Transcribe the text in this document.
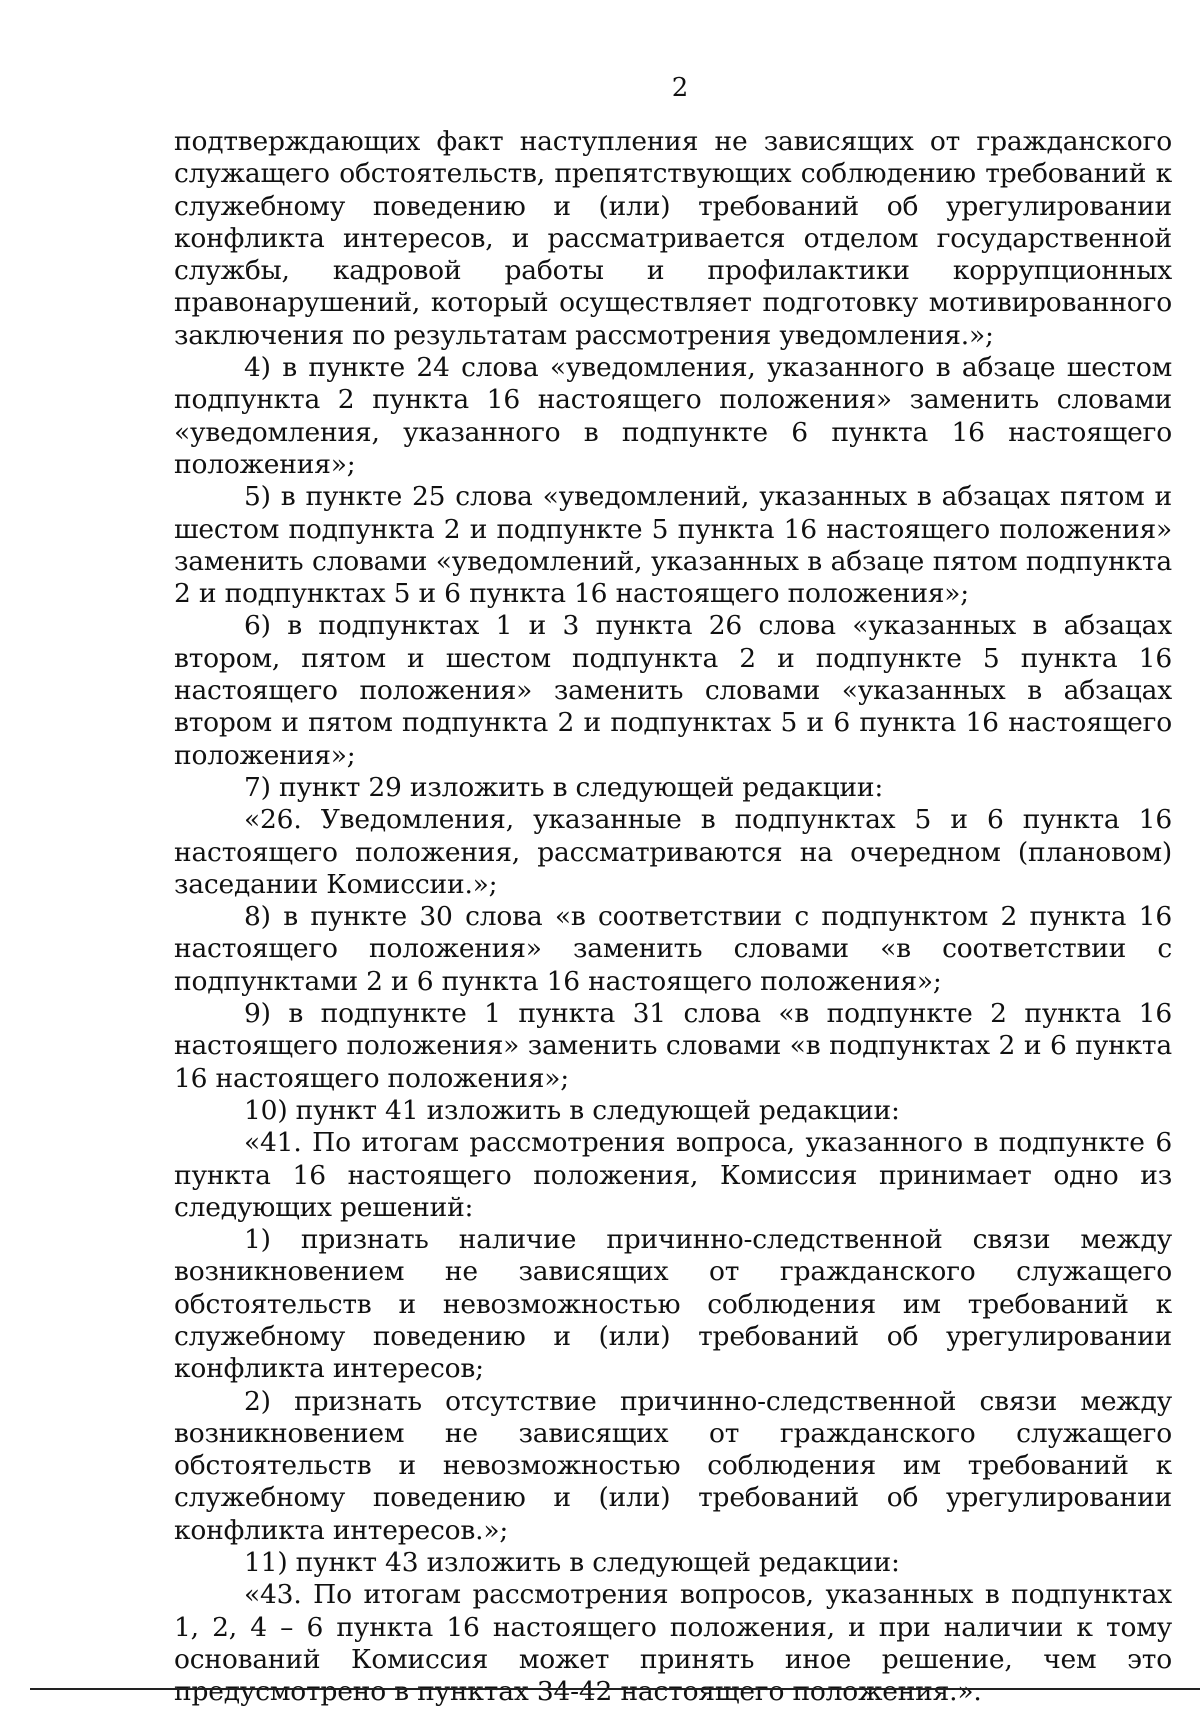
2

подтверждающих факт наступления не зависящих от гражданского служащего обстоятельств, препятствующих соблюдению требований к служебному поведению и (или) требований об урегулировании конфликта интересов, и рассматривается отделом государственной службы, кадровой работы и профилактики коррупционных правонарушений, который осуществляет подготовку мотивированного заключения по результатам рассмотрения уведомления.»;

4) в пункте 24 слова «уведомления, указанного в абзаце шестом подпункта 2 пункта 16 настоящего положения» заменить словами «уведомления, указанного в подпункте 6 пункта 16 настоящего положения»;

5) в пункте 25 слова «уведомлений, указанных в абзацах пятом и шестом подпункта 2 и подпункте 5 пункта 16 настоящего положения» заменить словами «уведомлений, указанных в абзаце пятом подпункта 2 и подпунктах 5 и 6 пункта 16 настоящего положения»;

6) в подпунктах 1 и 3 пункта 26 слова «указанных в абзацах втором, пятом и шестом подпункта 2 и подпункте 5 пункта 16 настоящего положения» заменить словами «указанных в абзацах втором и пятом подпункта 2 и подпунктах 5 и 6 пункта 16 настоящего положения»;

7) пункт 29 изложить в следующей редакции:

«26. Уведомления, указанные в подпунктах 5 и 6 пункта 16 настоящего положения, рассматриваются на очередном (плановом) заседании Комиссии.»;

8) в пункте 30 слова «в соответствии с подпунктом 2 пункта 16 настоящего положения» заменить словами «в соответствии с подпунктами 2 и 6 пункта 16 настоящего положения»;

9) в подпункте 1 пункта 31 слова «в подпункте 2 пункта 16 настоящего положения» заменить словами «в подпунктах 2 и 6 пункта 16 настоящего положения»;

10) пункт 41 изложить в следующей редакции:

«41. По итогам рассмотрения вопроса, указанного в подпункте 6 пункта 16 настоящего положения, Комиссия принимает одно из следующих решений:

1) признать наличие причинно-следственной связи между возникновением не зависящих от гражданского служащего обстоятельств и невозможностью соблюдения им требований к служебному поведению и (или) требований об урегулировании конфликта интересов;

2) признать отсутствие причинно-следственной связи между возникновением не зависящих от гражданского служащего обстоятельств и невозможностью соблюдения им требований к служебному поведению и (или) требований об урегулировании конфликта интересов.»;

11) пункт 43 изложить в следующей редакции:

«43. По итогам рассмотрения вопросов, указанных в подпунктах 1, 2, 4 – 6 пункта 16 настоящего положения, и при наличии к тому оснований Комиссия может принять иное решение, чем это предусмотрено в пунктах 34-42 настоящего положения.».
